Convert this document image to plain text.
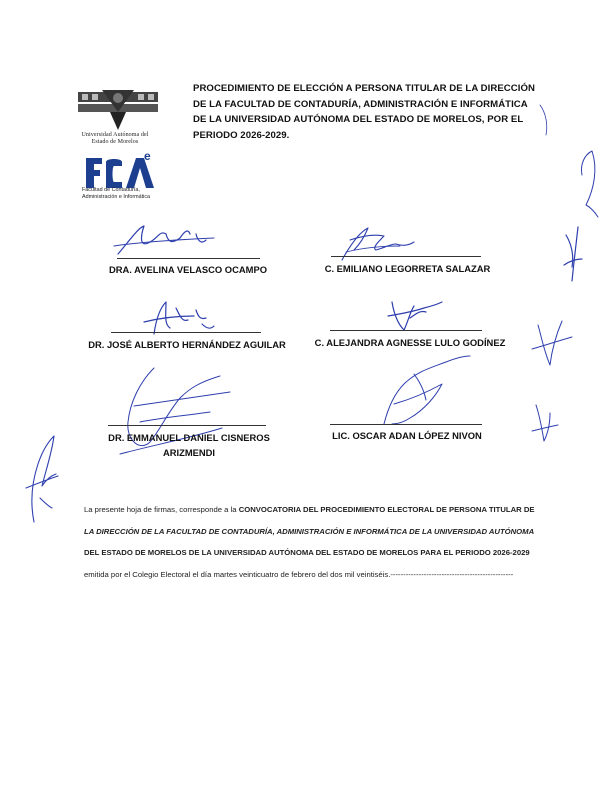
Universidad Autónoma del
Estado de Morelos
e
Facultad de Contaduría,
Administración e Informática
PROCEDIMIENTO DE ELECCIÓN A PERSONA TITULAR DE LA DIRECCIÓN DE LA FACULTAD DE CONTADURÍA, ADMINISTRACIÓN E INFORMÁTICA DE LA UNIVERSIDAD AUTÓNOMA DEL ESTADO DE MORELOS, POR EL PERIODO 2026-2029.
DRA. AVELINA VELASCO OCAMPO	C. EMILIANO LEGORRETA SALAZAR
DR. JOSÉ ALBERTO HERNÁNDEZ AGUILAR	C. ALEJANDRA AGNESSE LULO GODÍNEZ
DR. EMMANUEL DANIEL CISNEROS ARIZMENDI
LIC. OSCAR ADAN LÓPEZ NIVON
La presente hoja de firmas, corresponde a la CONVOCATORIA DEL PROCEDIMIENTO ELECTORAL DE PERSONA TITULAR DE
LA DIRECCIÓN DE LA FACULTAD DE CONTADURÍA, ADMINISTRACIÓN E INFORMÁTICA DE LA UNIVERSIDAD AUTÓNOMA
DEL ESTADO DE MORELOS DE LA UNIVERSIDAD AUTÓNOMA DEL ESTADO DE MORELOS PARA EL PERIODO 2026-2029
emitida por el Colegio Electoral el día martes veinticuatro de febrero del dos mil veintiséis.------------------------------------------------
